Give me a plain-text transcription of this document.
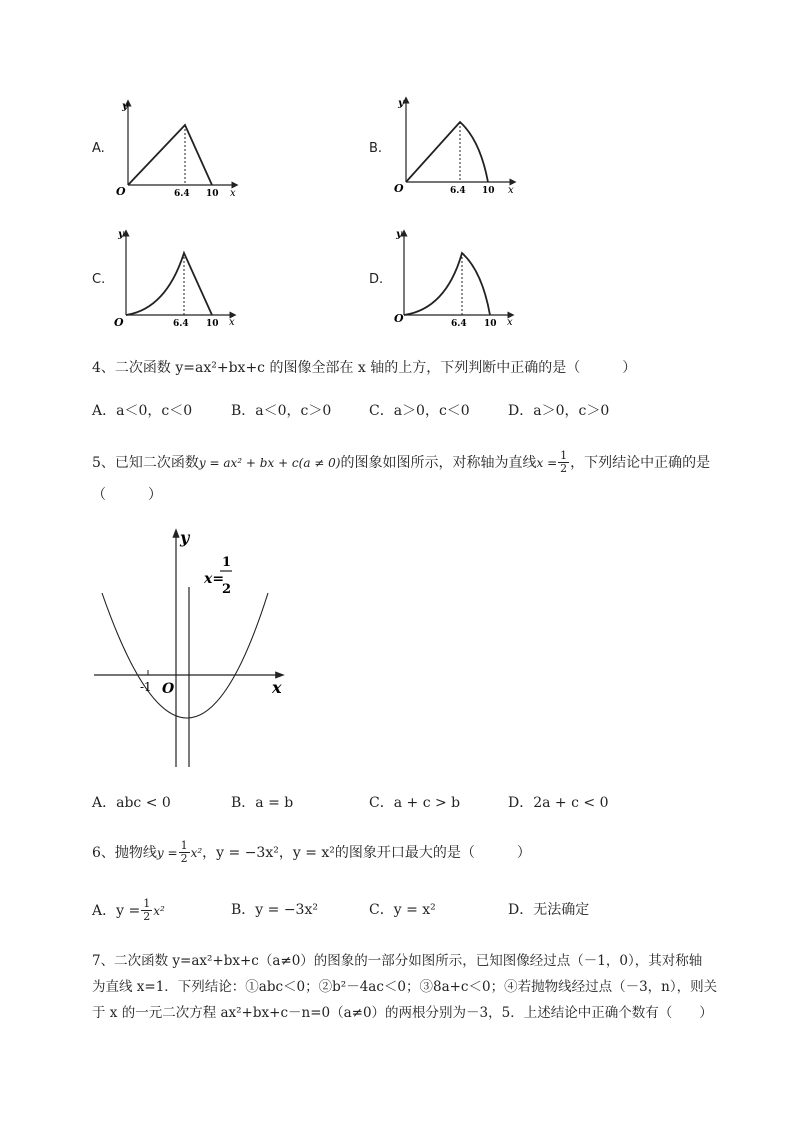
A.	B.
C.	D.
y
O	6.4 10 x
y
O	6.4 10 x
y
O	6.4 10 x
y
O	6.4 10 x
4、二次函数 y=ax²+bx+c 的图像全部在 x 轴的上方，下列判断中正确的是（　　　）
A．a＜0，c＜0	B．a＜0，c＞0	C．a＞0，c＜0	D．a＞0，c＞0
5、已知二次函数 y = ax² + bx + c(a ≠ 0) 的图象如图所示，对称轴为直线 $x = \frac{1}{2}$ ，下列结论中正确的是
（　　　）
-1 O	x
y
x=
1
2
A．abc < 0	B．a = b	C．a + c > b	D．2a + c < 0
6、抛物线 $y = \frac{1}{2} x^2$ ，y = −3x²，y = x²的图象开口最大的是（　　　）
A．$y = \frac{1}{2} x^2$	B．y = −3x²	C．y = x²	D．无法确定
7、二次函数 y=ax²+bx+c（a≠0）的图象的一部分如图所示，已知图像经过点（－1，0），其对称轴
为直线 x=1．下列结论：①abc＜0；②b²－4ac＜0；③8a+c＜0；④若抛物线经过点（－3，n），则关
于 x 的一元二次方程 ax²+bx+c－n=0（a≠0）的两根分别为－3，5．上述结论中正确个数有（　　）
